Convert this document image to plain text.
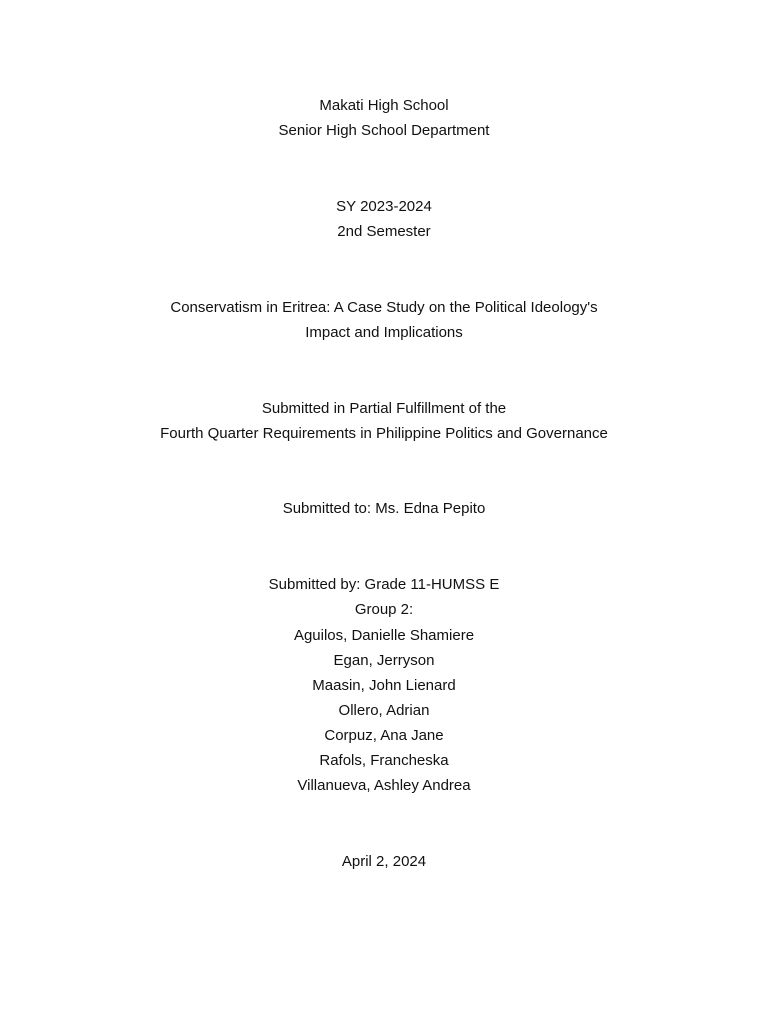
Makati High School
Senior High School Department
SY 2023-2024
2nd Semester
Conservatism in Eritrea: A Case Study on the Political Ideology's
Impact and Implications
Submitted in Partial Fulfillment of the
Fourth Quarter Requirements in Philippine Politics and Governance
Submitted to: Ms. Edna Pepito
Submitted by: Grade 11-HUMSS E
Group 2:
Aguilos, Danielle Shamiere
Egan, Jerryson
Maasin, John Lienard
Ollero, Adrian
Corpuz, Ana Jane
Rafols, Francheska
Villanueva, Ashley Andrea
April 2, 2024
